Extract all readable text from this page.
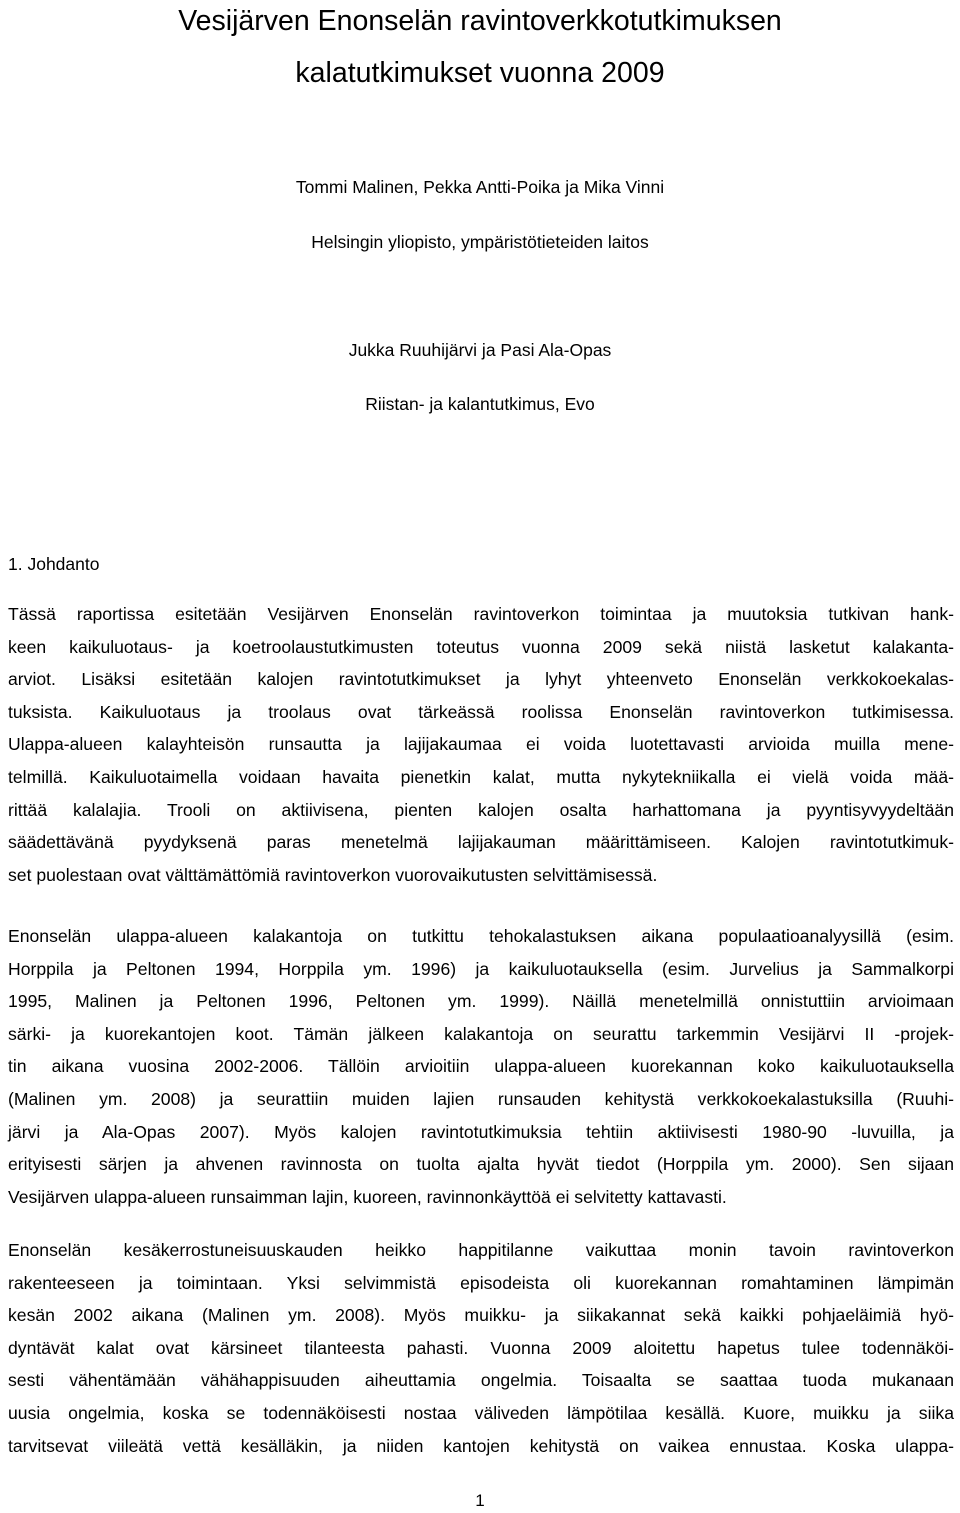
Vesijärven Enonselän ravintoverkkotutkimuksen
kalatutkimukset vuonna 2009

Tommi Malinen, Pekka Antti-Poika ja Mika Vinni

Helsingin yliopisto, ympäristötieteiden laitos

Jukka Ruuhijärvi ja Pasi Ala-Opas

Riistan- ja kalantutkimus, Evo

1. Johdanto
Tässä raportissa esitetään Vesijärven Enonselän ravintoverkon toimintaa ja muutoksia tutkivan hank-
keen kaikuluotaus- ja koetroolaustutkimusten toteutus vuonna 2009 sekä niistä lasketut kalakanta-
arviot. Lisäksi esitetään kalojen ravintotutkimukset ja lyhyt yhteenveto Enonselän verkkokoekalas-
tuksista. Kaikuluotaus ja troolaus ovat tärkeässä roolissa Enonselän ravintoverkon tutkimisessa.
Ulappa-alueen kalayhteisön runsautta ja lajijakaumaa ei voida luotettavasti arvioida muilla mene-
telmillä. Kaikuluotaimella voidaan havaita pienetkin kalat, mutta nykytekniikalla ei vielä voida mää-
rittää kalalajia. Trooli on aktiivisena, pienten kalojen osalta harhattomana ja pyyntisyvyydeltään
säädettävänä pyydyksenä paras menetelmä lajijakauman määrittämiseen. Kalojen ravintotutkimuk-
set puolestaan ovat välttämättömiä ravintoverkon vuorovaikutusten selvittämisessä.
Enonselän ulappa-alueen kalakantoja on tutkittu tehokalastuksen aikana populaatioanalyysillä (esim.
Horppila ja Peltonen 1994, Horppila ym. 1996) ja kaikuluotauksella (esim. Jurvelius ja Sammalkorpi
1995, Malinen ja Peltonen 1996, Peltonen ym. 1999). Näillä menetelmillä onnistuttiin arvioimaan
särki- ja kuorekantojen koot. Tämän jälkeen kalakantoja on seurattu tarkemmin Vesijärvi II -projek-
tin aikana vuosina 2002-2006. Tällöin arvioitiin ulappa-alueen kuorekannan koko kaikuluotauksella
(Malinen ym. 2008) ja seurattiin muiden lajien runsauden kehitystä verkkokoekalastuksilla (Ruuhi-
järvi ja Ala-Opas 2007). Myös kalojen ravintotutkimuksia tehtiin aktiivisesti 1980-90 -luvuilla, ja
erityisesti särjen ja ahvenen ravinnosta on tuolta ajalta hyvät tiedot (Horppila ym. 2000). Sen sijaan
Vesijärven ulappa-alueen runsaimman lajin, kuoreen, ravinnonkäyttöä ei selvitetty kattavasti.
Enonselän kesäkerrostuneisuuskauden heikko happitilanne vaikuttaa monin tavoin ravintoverkon
rakenteeseen ja toimintaan. Yksi selvimmistä episodeista oli kuorekannan romahtaminen lämpimän
kesän 2002 aikana (Malinen ym. 2008). Myös muikku- ja siikakannat sekä kaikki pohjaeläimiä hyö-
dyntävät kalat ovat kärsineet tilanteesta pahasti. Vuonna 2009 aloitettu hapetus tulee todennäköi-
sesti vähentämään vähähappisuuden aiheuttamia ongelmia. Toisaalta se saattaa tuoda mukanaan
uusia ongelmia, koska se todennäköisesti nostaa väliveden lämpötilaa kesällä. Kuore, muikku ja siika
tarvitsevat viileätä vettä kesälläkin, ja niiden kantojen kehitystä on vaikea ennustaa. Koska ulappa-
1
